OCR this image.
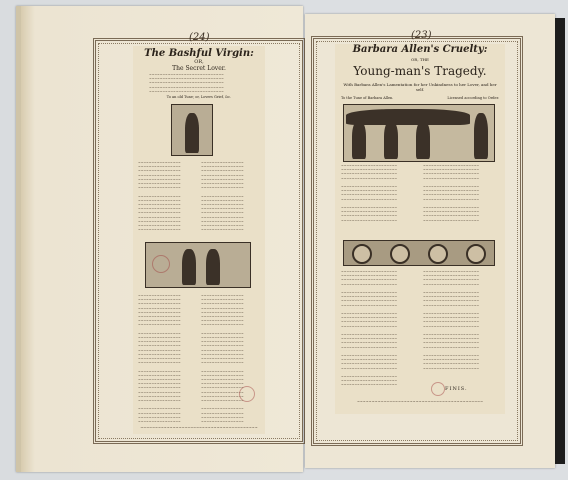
(24)
The Bashful Virgin:
OR,
The Secret Lover.
~~~~~~~~~~~~~~~~~~~~~~~~~~~~
~~~~~~~~~~~~~~~~~~~~~~~~~~~~
~~~~~~~~~~~~~~~~~~~~~~~~~~~~
~~~~~~~~~~~~~~~~~~~~~~~~~~~~
~~~~~~~~~~~~~~~~~~~~~~~~~~~~
To an old Tune; or, Lovers Grief, &c.
~~~~~~~~~~~~~~~~
~~~~~~~~~~~~~~~~
~~~~~~~~~~~~~~~~
~~~~~~~~~~~~~~~~
~~~~~~~~~~~~~~~~
~~~~~~~~~~~~~~~~
~~~~~~~~~~~~~~~~

~~~~~~~~~~~~~~~~
~~~~~~~~~~~~~~~~
~~~~~~~~~~~~~~~~
~~~~~~~~~~~~~~~~
~~~~~~~~~~~~~~~~
~~~~~~~~~~~~~~~~
~~~~~~~~~~~~~~~~
~~~~~~~~~~~~~~~~
~~~~~~~~~~~~~~~~
~~~~~~~~~~~~~~~~
~~~~~~~~~~~~~~~~
~~~~~~~~~~~~~~~~
~~~~~~~~~~~~~~~~
~~~~~~~~~~~~~~~~
~~~~~~~~~~~~~~~~
~~~~~~~~~~~~~~~~

~~~~~~~~~~~~~~~~
~~~~~~~~~~~~~~~~
~~~~~~~~~~~~~~~~
~~~~~~~~~~~~~~~~
~~~~~~~~~~~~~~~~
~~~~~~~~~~~~~~~~
~~~~~~~~~~~~~~~~
~~~~~~~~~~~~~~~~
~~~~~~~~~~~~~~~~
~~~~~~~~~~~~~~~~
~~~~~~~~~~~~~~~~
~~~~~~~~~~~~~~~~
~~~~~~~~~~~~~~~~
~~~~~~~~~~~~~~~~
~~~~~~~~~~~~~~~~
~~~~~~~~~~~~~~~~
~~~~~~~~~~~~~~~~

~~~~~~~~~~~~~~~~
~~~~~~~~~~~~~~~~
~~~~~~~~~~~~~~~~
~~~~~~~~~~~~~~~~
~~~~~~~~~~~~~~~~
~~~~~~~~~~~~~~~~
~~~~~~~~~~~~~~~~
~~~~~~~~~~~~~~~~

~~~~~~~~~~~~~~~~
~~~~~~~~~~~~~~~~
~~~~~~~~~~~~~~~~
~~~~~~~~~~~~~~~~
~~~~~~~~~~~~~~~~
~~~~~~~~~~~~~~~~
~~~~~~~~~~~~~~~~
~~~~~~~~~~~~~~~~

~~~~~~~~~~~~~~~~
~~~~~~~~~~~~~~~~
~~~~~~~~~~~~~~~~
~~~~~~~~~~~~~~~~
~~~~~~~~~~~~~~~~
~~~~~~~~~~~~~~~~
~~~~~~~~~~~~~~~~
~~~~~~~~~~~~~~~~
~~~~~~~~~~~~~~~~
~~~~~~~~~~~~~~~~
~~~~~~~~~~~~~~~~
~~~~~~~~~~~~~~~~

~~~~~~~~~~~~~~~~
~~~~~~~~~~~~~~~~
~~~~~~~~~~~~~~~~
~~~~~~~~~~~~~~~~
~~~~~~~~~~~~~~~~
~~~~~~~~~~~~~~~~
~~~~~~~~~~~~~~~~
~~~~~~~~~~~~~~~~

~~~~~~~~~~~~~~~~
~~~~~~~~~~~~~~~~
~~~~~~~~~~~~~~~~
~~~~~~~~~~~~~~~~
~~~~~~~~~~~~~~~~
~~~~~~~~~~~~~~~~
~~~~~~~~~~~~~~~~
~~~~~~~~~~~~~~~~

~~~~~~~~~~~~~~~~
~~~~~~~~~~~~~~~~
~~~~~~~~~~~~~~~~
~~~~~~~~~~~~~~~~
~~~~~~~~~~~~~~~~~~~~~~~~~~~~~~~~~~~~~~~~
(23)
Barbara Allen's Cruelty:
OR, THE
Young-man's Tragedy.
With Barbara Allen's Lamentation for her Unkindness to her Lover, and her self.
To the Tune of Barbara Allen.	Licensed according to Order.
~~~~~~~~~~~~~~~~~~~~~
~~~~~~~~~~~~~~~~~~~~~
~~~~~~~~~~~~~~~~~~~~~
~~~~~~~~~~~~~~~~~~~~~

~~~~~~~~~~~~~~~~~~~~~
~~~~~~~~~~~~~~~~~~~~~
~~~~~~~~~~~~~~~~~~~~~
~~~~~~~~~~~~~~~~~~~~~

~~~~~~~~~~~~~~~~~~~~~
~~~~~~~~~~~~~~~~~~~~~
~~~~~~~~~~~~~~~~~~~~~
~~~~~~~~~~~~~~~~~~~~~
~~~~~~~~~~~~~~~~~~~~~
~~~~~~~~~~~~~~~~~~~~~
~~~~~~~~~~~~~~~~~~~~~
~~~~~~~~~~~~~~~~~~~~~

~~~~~~~~~~~~~~~~~~~~~
~~~~~~~~~~~~~~~~~~~~~
~~~~~~~~~~~~~~~~~~~~~
~~~~~~~~~~~~~~~~~~~~~

~~~~~~~~~~~~~~~~~~~~~
~~~~~~~~~~~~~~~~~~~~~
~~~~~~~~~~~~~~~~~~~~~
~~~~~~~~~~~~~~~~~~~~~
~~~~~~~~~~~~~~~~~~~~~
~~~~~~~~~~~~~~~~~~~~~
~~~~~~~~~~~~~~~~~~~~~
~~~~~~~~~~~~~~~~~~~~~

~~~~~~~~~~~~~~~~~~~~~
~~~~~~~~~~~~~~~~~~~~~
~~~~~~~~~~~~~~~~~~~~~
~~~~~~~~~~~~~~~~~~~~~

~~~~~~~~~~~~~~~~~~~~~
~~~~~~~~~~~~~~~~~~~~~
~~~~~~~~~~~~~~~~~~~~~
~~~~~~~~~~~~~~~~~~~~~

~~~~~~~~~~~~~~~~~~~~~
~~~~~~~~~~~~~~~~~~~~~
~~~~~~~~~~~~~~~~~~~~~
~~~~~~~~~~~~~~~~~~~~~

~~~~~~~~~~~~~~~~~~~~~
~~~~~~~~~~~~~~~~~~~~~
~~~~~~~~~~~~~~~~~~~~~
~~~~~~~~~~~~~~~~~~~~~

~~~~~~~~~~~~~~~~~~~~~
~~~~~~~~~~~~~~~~~~~~~
~~~~~~~~~~~~~~~~~~~~~
~~~~~~~~~~~~~~~~~~~~~
~~~~~~~~~~~~~~~~~~~~~
~~~~~~~~~~~~~~~~~~~~~
~~~~~~~~~~~~~~~~~~~~~

~~~~~~~~~~~~~~~~~~~~~
~~~~~~~~~~~~~~~~~~~~~
~~~~~~~~~~~~~~~~~~~~~
~~~~~~~~~~~~~~~~~~~~~

~~~~~~~~~~~~~~~~~~~~~
~~~~~~~~~~~~~~~~~~~~~
~~~~~~~~~~~~~~~~~~~~~
~~~~~~~~~~~~~~~~~~~~~

~~~~~~~~~~~~~~~~~~~~~
~~~~~~~~~~~~~~~~~~~~~
~~~~~~~~~~~~~~~~~~~~~
~~~~~~~~~~~~~~~~~~~~~

~~~~~~~~~~~~~~~~~~~~~
~~~~~~~~~~~~~~~~~~~~~
~~~~~~~~~~~~~~~~~~~~~
~~~~~~~~~~~~~~~~~~~~~
FINIS.
~~~~~~~~~~~~~~~~~~~~~~~~~~~~~~~~~~~~~~~~~~~
